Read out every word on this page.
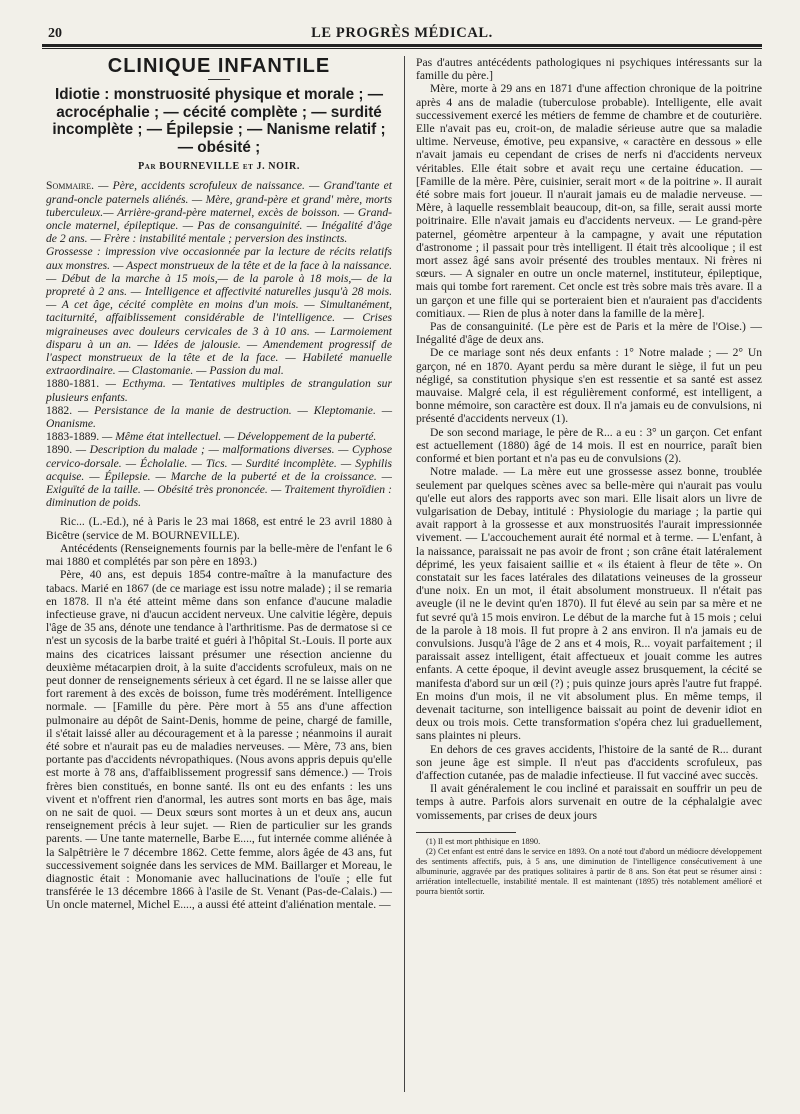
20	LE PROGRÈS MÉDICAL.
CLINIQUE INFANTILE
Idiotie : monstruosité physique et morale ; — acrocéphalie ; — cécité complète ; — surdité incomplète ; — Épilepsie ; — Nanisme relatif ; — obésité ;
Par BOURNEVILLE et J. NOIR.

Sommaire. — Père, accidents scrofuleux de naissance. — Grand'tante et grand-oncle paternels aliénés. — Mère, grand-père et grand' mère, morts tuberculeux.— Arrière-grand-père maternel, excès de boisson. — Grand-oncle maternel, épileptique. — Pas de consanguinité. — Inégalité d'âge de 2 ans. — Frère : instabilité mentale ; perversion des instincts.

Grossesse : impression vive occasionnée par la lecture de récits relatifs aux monstres. — Aspect monstrueux de la tête et de la face à la naissance.— Début de la marche à 15 mois,— de la parole à 18 mois,— de la propreté à 2 ans. — Intelligence et affectivité naturelles jusqu'à 28 mois. — A cet âge, cécité complète en moins d'un mois. — Simultanément, taciturnité, affaiblissement considérable de l'intelligence. — Crises migraineuses avec douleurs cervicales de 3 à 10 ans. — Larmoiement disparu à un an. — Idées de jalousie. — Amendement progressif de l'aspect monstrueux de la tête et de la face. — Habileté manuelle extraordinaire. — Clastomanie. — Passion du mal.

1880-1881. — Ecthyma. — Tentatives multiples de strangulation sur plusieurs enfants.

1882. — Persistance de la manie de destruction. — Kleptomanie. — Onanisme.

1883-1889. — Même état intellectuel. — Développement de la puberté.

1890. — Description du malade ; — malformations diverses. — Cyphose cervico-dorsale. — Écholalie. — Tics. — Surdité incomplète. — Syphilis acquise. — Épilepsie. — Marche de la puberté et de la croissance. — Exiguïté de la taille. — Obésité très prononcée. — Traitement thyroïdien : diminution de poids.

Ric... (L.-Ed.), né à Paris le 23 mai 1868, est entré le 23 avril 1880 à Bicêtre (service de M. BOURNEVILLE).

Antécédents (Renseignements fournis par la belle-mère de l'enfant le 6 mai 1880 et complétés par son père en 1893.)

Père, 40 ans, est depuis 1854 contre-maître à la manufacture des tabacs. Marié en 1867 (de ce mariage est issu notre malade) ; il se remaria en 1878. Il n'a été atteint même dans son enfance d'aucune maladie infectieuse grave, ni d'aucun accident nerveux. Une calvitie légère, depuis l'âge de 35 ans, dénote une tendance à l'arthritisme. Pas de dermatose si ce n'est un sycosis de la barbe traité et guéri à l'hôpital St.-Louis. Il porte aux mains des cicatrices laissant présumer une résection ancienne du deuxième métacarpien droit, à la suite d'accidents scrofuleux, mais on ne peut donner de renseignements sérieux à cet égard. Il ne se laisse aller que fort rarement à des excès de boisson, fume très modérément. Intelligence normale. — [Famille du père. Père mort à 55 ans d'une affection pulmonaire au dépôt de Saint-Denis, homme de peine, chargé de famille, il s'était laissé aller au découragement et à la paresse ; néanmoins il aurait été sobre et n'aurait pas eu de maladies nerveuses. — Mère, 73 ans, bien portante pas d'accidents névropathiques. (Nous avons appris depuis qu'elle est morte à 78 ans, d'affaiblissement progressif sans démence.) — Trois frères bien constitués, en bonne santé. Ils ont eu des enfants : les uns vivent et n'offrent rien d'anormal, les autres sont morts en bas âge, mais on ne sait de quoi. — Deux sœurs sont mortes à un et deux ans, aucun renseignement précis à leur sujet. — Rien de particulier sur les grands parents. — Une tante maternelle, Barbe E...., fut internée comme aliénée à la Salpêtrière le 7 décembre 1862. Cette femme, alors âgée de 43 ans, fut successivement soignée dans les services de MM. Baillarger et Moreau, le diagnostic était : Monomanie avec hallucinations de l'ouïe ; elle fut transférée le 13 décembre 1866 à l'asile de St. Venant (Pas-de-Calais.) — Un oncle maternel, Michel E...., a aussi été atteint d'aliénation mentale. —

Pas d'autres antécédents pathologiques ni psychiques intéressants sur la famille du père.]

Mère, morte à 29 ans en 1871 d'une affection chronique de la poitrine après 4 ans de maladie (tuberculose probable). Intelligente, elle avait successivement exercé les métiers de femme de chambre et de couturière. Elle n'avait pas eu, croit-on, de maladie sérieuse autre que sa maladie ultime. Nerveuse, émotive, peu expansive, « caractère en dessous » elle n'avait jamais eu cependant de crises de nerfs ni d'accidents nerveux véritables. Elle était sobre et avait reçu une certaine éducation. — [Famille de la mère. Père, cuisinier, serait mort « de la poitrine ». Il aurait été sobre mais fort joueur. Il n'aurait jamais eu de maladie nerveuse. — Mère, à laquelle ressemblait beaucoup, dit-on, sa fille, serait aussi morte poitrinaire. Elle n'avait jamais eu d'accidents nerveux. — Le grand-père paternel, géomètre arpenteur à la campagne, y avait une réputation d'astronome ; il passait pour très intelligent. Il était très alcoolique ; il est mort assez âgé sans avoir présenté des troubles mentaux. Ni frères ni sœurs. — A signaler en outre un oncle maternel, instituteur, épileptique, mais qui tombe fort rarement. Cet oncle est très sobre mais très avare. Il a un garçon et une fille qui se porteraient bien et n'auraient pas d'accidents comitiaux. — Rien de plus à noter dans la famille de la mère].

Pas de consanguinité. (Le père est de Paris et la mère de l'Oise.) — Inégalité d'âge de deux ans.

De ce mariage sont nés deux enfants : 1° Notre malade ; — 2° Un garçon, né en 1870. Ayant perdu sa mère durant le siège, il fut un peu négligé, sa constitution physique s'en est ressentie et sa santé est assez mauvaise. Malgré cela, il est régulièrement conformé, est intelligent, a bonne mémoire, son caractère est doux. Il n'a jamais eu de convulsions, ni présenté d'accidents nerveux (1).

De son second mariage, le père de R... a eu : 3° un garçon. Cet enfant est actuellement (1880) âgé de 14 mois. Il est en nourrice, paraît bien conformé et bien portant et n'a pas eu de convulsions (2).

Notre malade. — La mère eut une grossesse assez bonne, troublée seulement par quelques scènes avec sa belle-mère qui n'aurait pas voulu qu'elle eut alors des rapports avec son mari. Elle lisait alors un livre de vulgarisation de Debay, intitulé : Physiologie du mariage ; la partie qui avait rapport à la grossesse et aux monstruosités l'aurait impressionnée vivement. — L'accouchement aurait été normal et à terme. — L'enfant, à la naissance, paraissait ne pas avoir de front ; son crâne était latéralement déprimé, les yeux faisaient saillie et « ils étaient à fleur de tête ». On constatait sur les faces latérales des dilatations veineuses de la grosseur d'une noix. En un mot, il était absolument monstrueux. Il n'était pas aveugle (il ne le devint qu'en 1870). Il fut élevé au sein par sa mère et ne fut sevré qu'à 15 mois environ. Le début de la marche fut à 15 mois ; celui de la parole à 18 mois. Il fut propre à 2 ans environ. Il n'a jamais eu de convulsions. Jusqu'à l'âge de 2 ans et 4 mois, R... voyait parfaitement ; il paraissait assez intelligent, était affectueux et jouait comme les autres enfants. A cette époque, il devint aveugle assez brusquement, la cécité se manifesta d'abord sur un œil (?) ; puis quinze jours après l'autre fut frappé. En moins d'un mois, il ne vit absolument plus. En même temps, il devenait taciturne, son intelligence baissait au point de devenir idiot en deux ou trois mois. Cette transformation s'opéra chez lui graduellement, sans plaintes ni pleurs.

En dehors de ces graves accidents, l'histoire de la santé de R... durant son jeune âge est simple. Il n'eut pas d'accidents scrofuleux, pas d'affection cutanée, pas de maladie infectieuse. Il fut vacciné avec succès.

Il avait généralement le cou incliné et paraissait en souffrir un peu de temps à autre. Parfois alors survenait en outre de la céphalalgie avec vomissements, par crises de deux jours

(1) Il est mort phthisique en 1890.

(2) Cet enfant est entré dans le service en 1893. On a noté tout d'abord un médiocre développement des sentiments affectifs, puis, à 5 ans, une diminution de l'intelligence consécutivement à une albuminurie, aggravée par des pratiques solitaires à partir de 8 ans. Son état peut se résumer ainsi : arriération intellectuelle, instabilité mentale. Il est maintenant (1895) très notablement amélioré et pourra bientôt sortir.
